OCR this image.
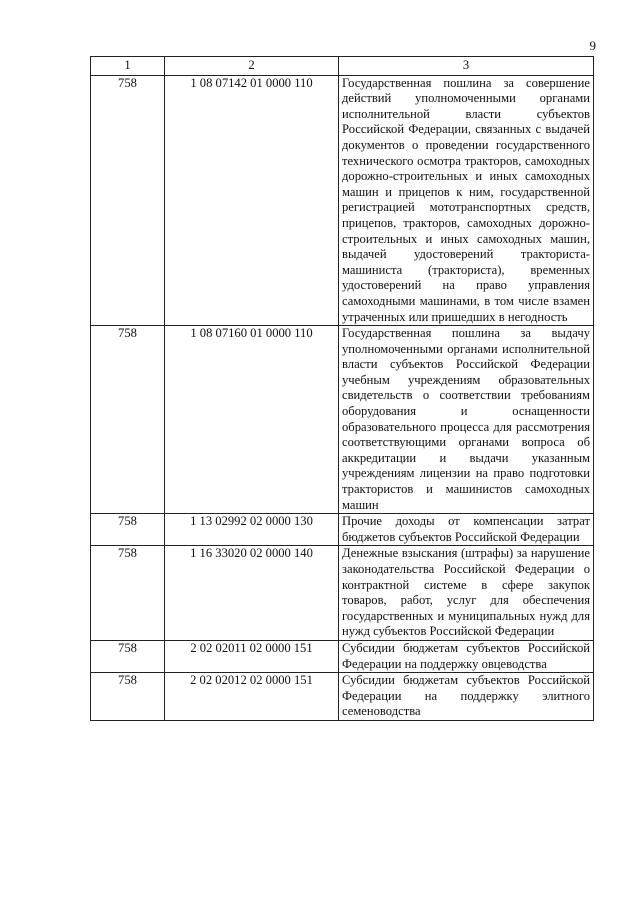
9
1	2	3
758	1 08 07142 01 0000 110	Государственная пошлина за совершение действий уполномоченными органами исполнительной власти субъектов Российской Федерации, связанных с выдачей документов о проведении государственного технического осмотра тракторов, самоходных дорожно-строительных и иных самоходных машин и прицепов к ним, государственной регистрацией мототранспортных средств, прицепов, тракторов, самоходных дорожно-строительных и иных самоходных машин, выдачей удостоверений тракториста-машиниста (тракториста), временных удостоверений на право управления самоходными машинами, в том числе взамен утраченных или пришедших в негодность
758	1 08 07160 01 0000 110	Государственная пошлина за выдачу уполномоченными органами исполнительной власти субъектов Российской Федерации учебным учреждениям образовательных свидетельств о соответствии требованиям оборудования и оснащенности образовательного процесса для рассмотрения соответствующими органами вопроса об аккредитации и выдачи указанным учреждениям лицензии на право подготовки трактористов и машинистов самоходных машин
758	1 13 02992 02 0000 130	Прочие доходы от компенсации затрат бюджетов субъектов Российской Федерации
758	1 16 33020 02 0000 140	Денежные взыскания (штрафы) за нарушение законодательства Российской Федерации о контрактной системе в сфере закупок товаров, работ, услуг для обеспечения государственных и муниципальных нужд для нужд субъектов Российской Федерации
758	2 02 02011 02 0000 151	Субсидии бюджетам субъектов Российской Федерации на поддержку овцеводства
758	2 02 02012 02 0000 151	Субсидии бюджетам субъектов Российской Федерации на поддержку элитного семеноводства
